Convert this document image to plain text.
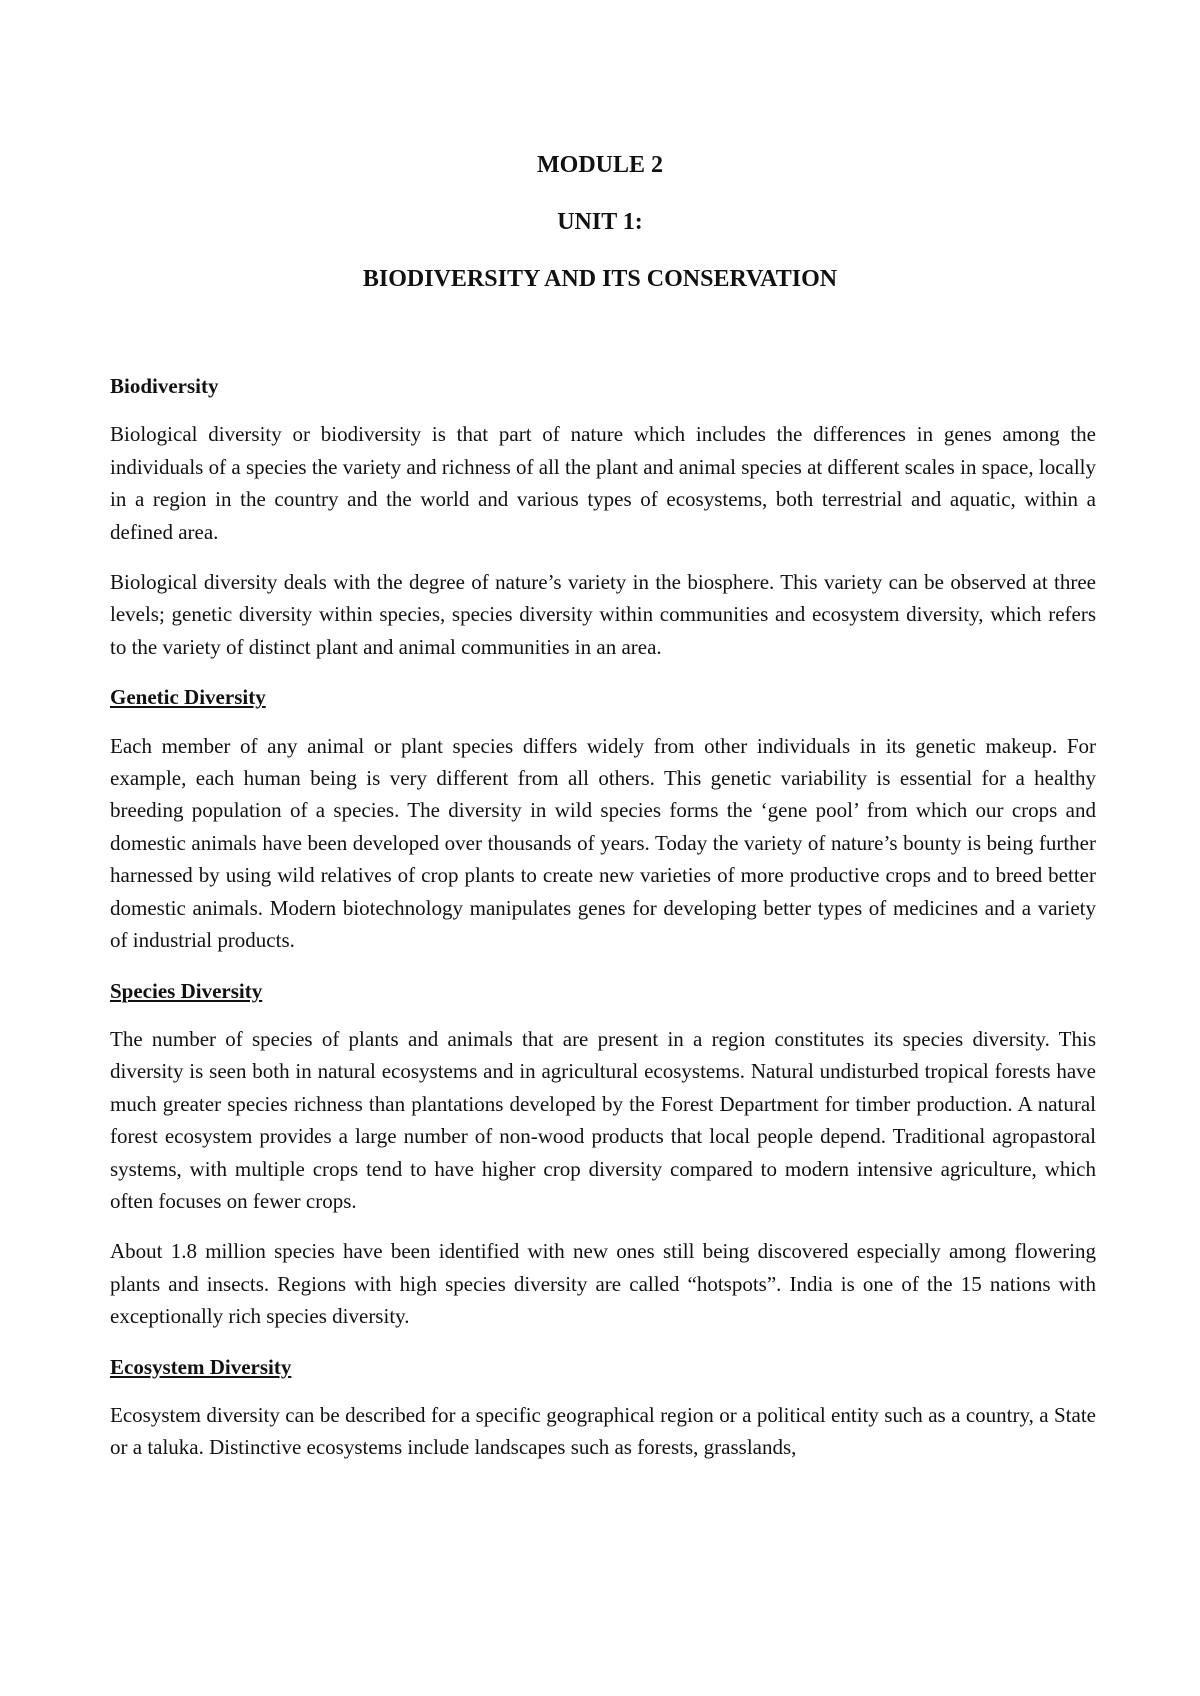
MODULE 2
UNIT 1:
BIODIVERSITY AND ITS CONSERVATION
Biodiversity

Biological diversity or biodiversity is that part of nature which includes the differences in genes among the individuals of a species the variety and richness of all the plant and animal species at different scales in space, locally in a region in the country and the world and various types of ecosystems, both terrestrial and aquatic, within a defined area.

Biological diversity deals with the degree of nature’s variety in the biosphere. This variety can be observed at three levels; genetic diversity within species, species diversity within communities and ecosystem diversity, which refers to the variety of distinct plant and animal communities in an area.

Genetic Diversity

Each member of any animal or plant species differs widely from other individuals in its genetic makeup. For example, each human being is very different from all others. This genetic variability is essential for a healthy breeding population of a species. The diversity in wild species forms the ‘gene pool’ from which our crops and domestic animals have been developed over thousands of years. Today the variety of nature’s bounty is being further harnessed by using wild relatives of crop plants to create new varieties of more productive crops and to breed better domestic animals. Modern biotechnology manipulates genes for developing better types of medicines and a variety of industrial products.

Species Diversity

The number of species of plants and animals that are present in a region constitutes its species diversity. This diversity is seen both in natural ecosystems and in agricultural ecosystems. Natural undisturbed tropical forests have much greater species richness than plantations developed by the Forest Department for timber production. A natural forest ecosystem provides a large number of non-wood products that local people depend. Traditional agropastoral systems, with multiple crops tend to have higher crop diversity compared to modern intensive agriculture, which often focuses on fewer crops.

About 1.8 million species have been identified with new ones still being discovered especially among flowering plants and insects. Regions with high species diversity are called “hotspots”. India is one of the 15 nations with exceptionally rich species diversity.

Ecosystem Diversity

Ecosystem diversity can be described for a specific geographical region or a political entity such as a country, a State or a taluka. Distinctive ecosystems include landscapes such as forests, grasslands,
